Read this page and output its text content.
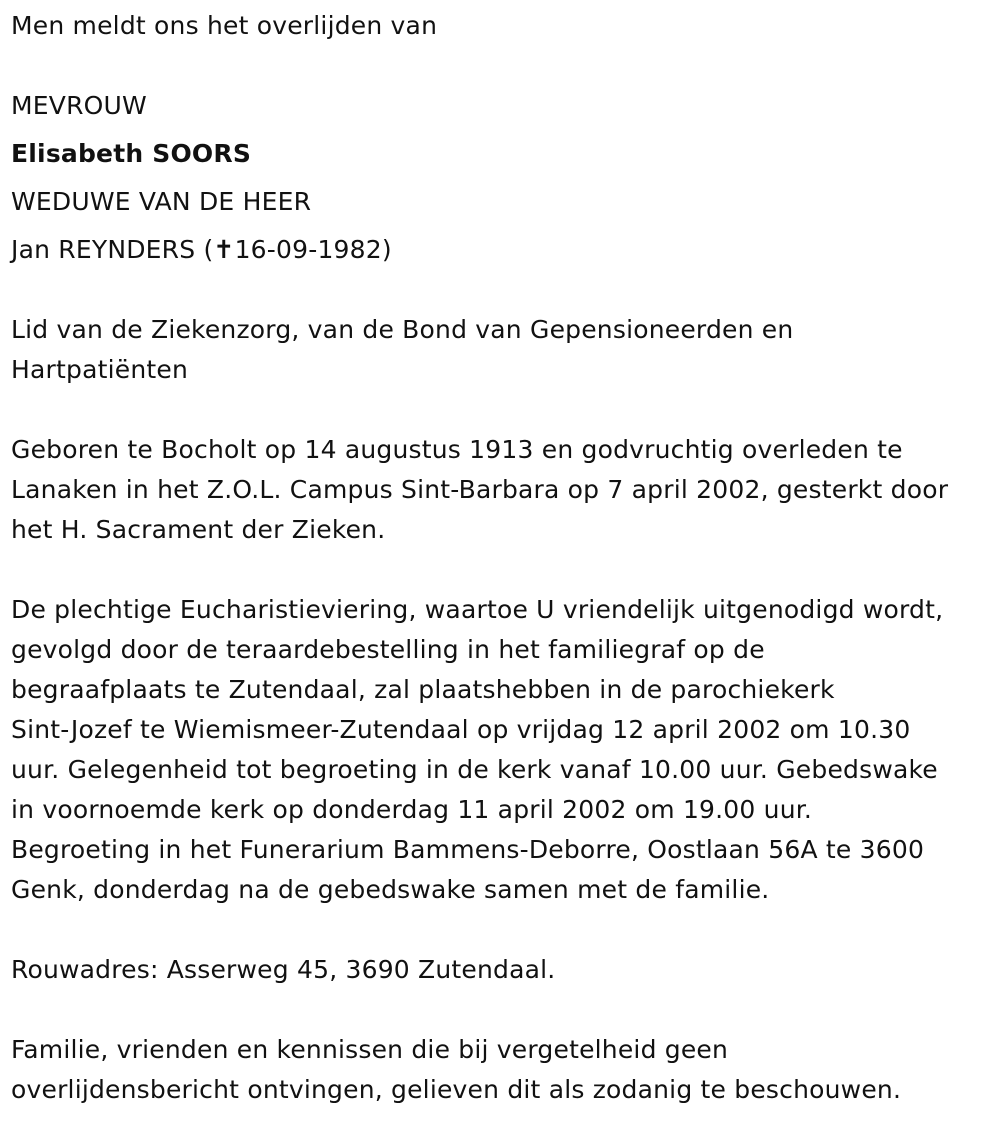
Men meldt ons het overlijden van
MEVROUW
Elisabeth SOORS
WEDUWE VAN DE HEER
Jan REYNDERS (✝16-09-1982)
Lid van de Ziekenzorg, van de Bond van Gepensioneerden en
Hartpatiënten
Geboren te Bocholt op 14 augustus 1913 en godvruchtig overleden te
Lanaken in het Z.O.L. Campus Sint-Barbara op 7 april 2002, gesterkt door
het H. Sacrament der Zieken.
De plechtige Eucharistieviering, waartoe U vriendelijk uitgenodigd wordt,
gevolgd door de teraardebestelling in het familiegraf op de
begraafplaats te Zutendaal, zal plaatshebben in de parochiekerk
Sint-Jozef te Wiemismeer-Zutendaal op vrijdag 12 april 2002 om 10.30
uur. Gelegenheid tot begroeting in de kerk vanaf 10.00 uur. Gebedswake
in voornoemde kerk op donderdag 11 april 2002 om 19.00 uur.
Begroeting in het Funerarium Bammens-Deborre, Oostlaan 56A te 3600
Genk, donderdag na de gebedswake samen met de familie.
Rouwadres: Asserweg 45, 3690 Zutendaal.
Familie, vrienden en kennissen die bij vergetelheid geen
overlijdensbericht ontvingen, gelieven dit als zodanig te beschouwen.
